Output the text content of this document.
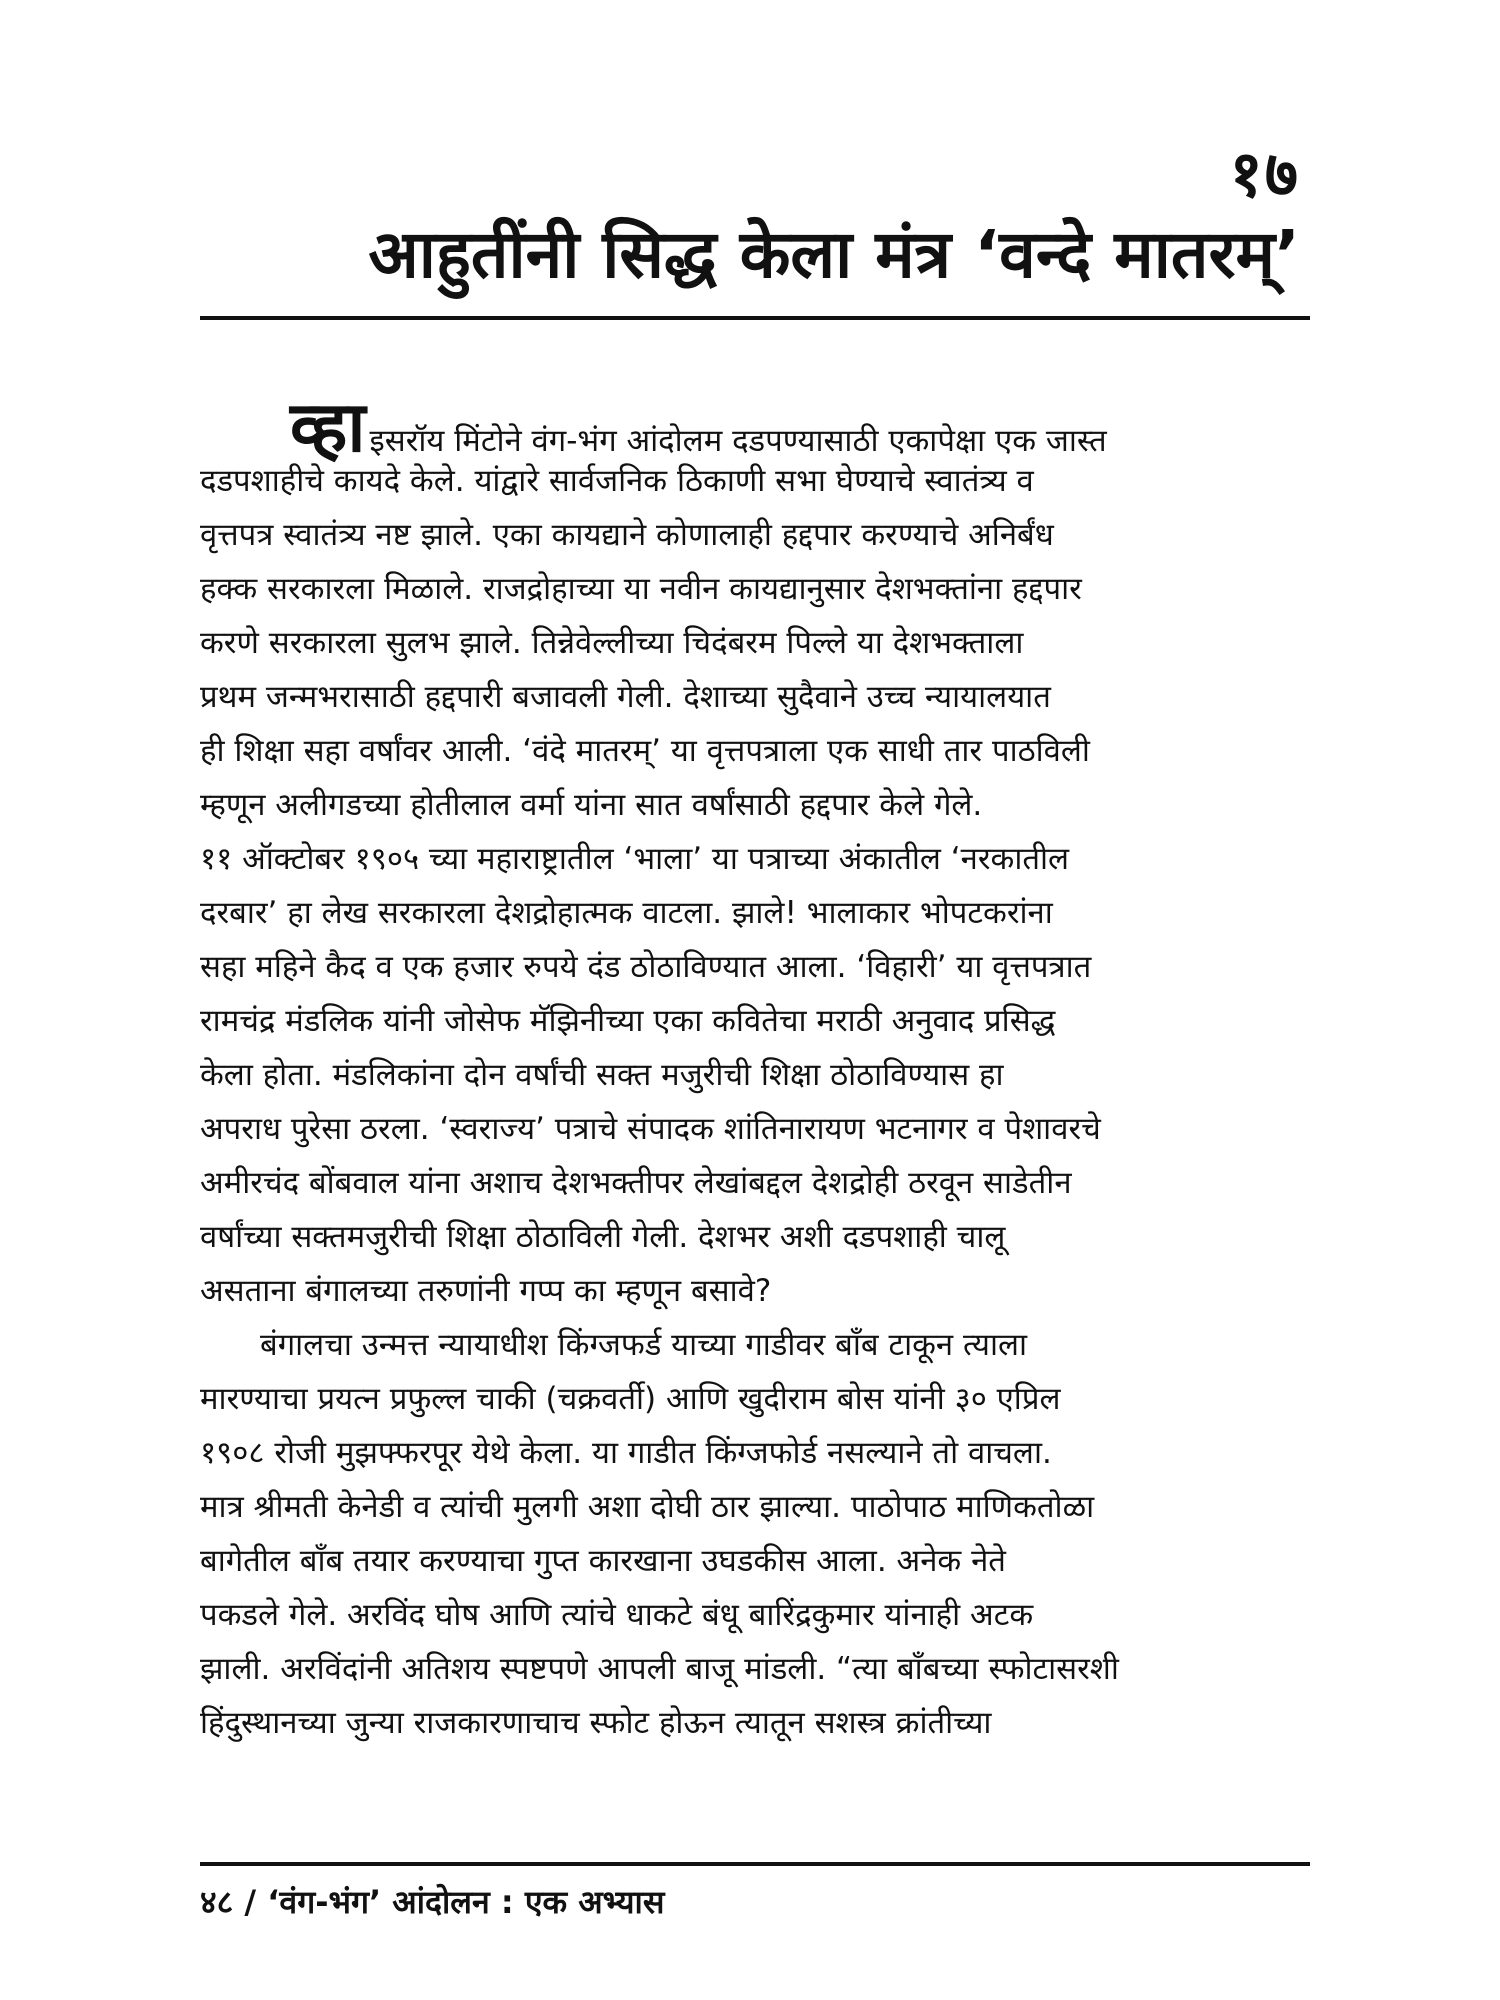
१७
आहुतींनी सिद्ध केला मंत्र ‘वन्दे मातरम्’
व्हा इसरॉय मिंटोने वंग-भंग आंदोलम दडपण्यासाठी एकापेक्षा एक जास्त
दडपशाहीचे कायदे केले. यांद्वारे सार्वजनिक ठिकाणी सभा घेण्याचे स्वातंत्र्य व
वृत्तपत्र स्वातंत्र्य नष्ट झाले. एका कायद्याने कोणालाही हद्दपार करण्याचे अनिर्बंध
हक्क सरकारला मिळाले. राजद्रोहाच्या या नवीन कायद्यानुसार देशभक्तांना हद्दपार
करणे सरकारला सुलभ झाले. तिन्नेवेल्लीच्या चिदंबरम पिल्ले या देशभक्ताला
प्रथम जन्मभरासाठी हद्दपारी बजावली गेली. देशाच्या सुदैवाने उच्च न्यायालयात
ही शिक्षा सहा वर्षांवर आली. ‘वंदे मातरम्’ या वृत्तपत्राला एक साधी तार पाठविली
म्हणून अलीगडच्या होतीलाल वर्मा यांना सात वर्षांसाठी हद्दपार केले गेले.
११ ऑक्टोबर १९०५ च्या महाराष्ट्रातील ‘भाला’ या पत्राच्या अंकातील ‘नरकातील
दरबार’ हा लेख सरकारला देशद्रोहात्मक वाटला. झाले! भालाकार भोपटकरांना
सहा महिने कैद व एक हजार रुपये दंड ठोठाविण्यात आला. ‘विहारी’ या वृत्तपत्रात
रामचंद्र मंडलिक यांनी जोसेफ मॅझिनीच्या एका कवितेचा मराठी अनुवाद प्रसिद्ध
केला होता. मंडलिकांना दोन वर्षांची सक्त मजुरीची शिक्षा ठोठाविण्यास हा
अपराध पुरेसा ठरला. ‘स्वराज्य’ पत्राचे संपादक शांतिनारायण भटनागर व पेशावरचे
अमीरचंद बोंबवाल यांना अशाच देशभक्तीपर लेखांबद्दल देशद्रोही ठरवून साडेतीन
वर्षांच्या सक्तमजुरीची शिक्षा ठोठाविली गेली. देशभर अशी दडपशाही चालू
असताना बंगालच्या तरुणांनी गप्प का म्हणून बसावे?
बंगालचा उन्मत्त न्यायाधीश किंग्जफर्ड याच्या गाडीवर बाँब टाकून त्याला
मारण्याचा प्रयत्न प्रफुल्ल चाकी (चक्रवर्ती) आणि खुदीराम बोस यांनी ३० एप्रिल
१९०८ रोजी मुझफ्फरपूर येथे केला. या गाडीत किंग्जफोर्ड नसल्याने तो वाचला.
मात्र श्रीमती केनेडी व त्यांची मुलगी अशा दोघी ठार झाल्या. पाठोपाठ माणिकतोळा
बागेतील बाँब तयार करण्याचा गुप्त कारखाना उघडकीस आला. अनेक नेते
पकडले गेले. अरविंद घोष आणि त्यांचे धाकटे बंधू बारिंद्रकुमार यांनाही अटक
झाली. अरविंदांनी अतिशय स्पष्टपणे आपली बाजू मांडली. “त्या बाँबच्या स्फोटासरशी
हिंदुस्थानच्या जुन्या राजकारणाचाच स्फोट होऊन त्यातून सशस्त्र क्रांतीच्या
४८ / ‘वंग-भंग’ आंदोलन : एक अभ्यास
